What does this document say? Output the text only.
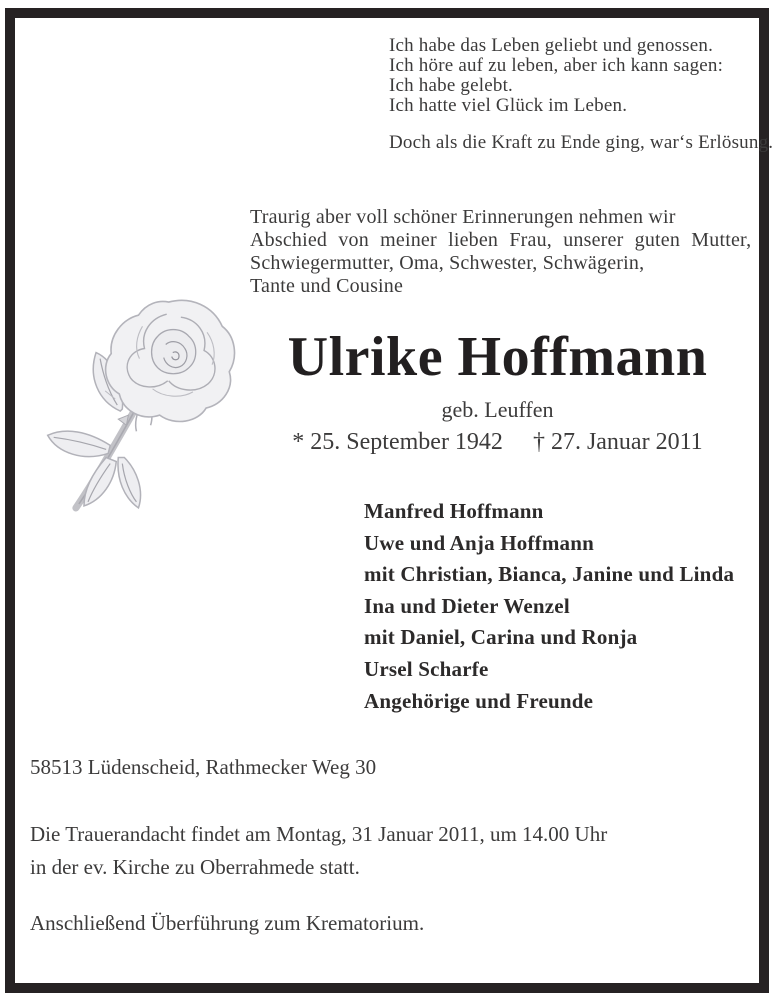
Ich habe das Leben geliebt und genossen.
Ich höre auf zu leben, aber ich kann sagen:
Ich habe gelebt.
Ich hatte viel Glück im Leben.
Doch als die Kraft zu Ende ging, war‘s Erlösung.
Traurig aber voll schöner Erinnerungen nehmen wir
Abschied von meiner lieben Frau, unserer guten Mutter,
Schwiegermutter, Oma, Schwester, Schwägerin,
Tante und Cousine
Ulrike Hoffmann
geb. Leuffen
* 25. September 1942 † 27. Januar 2011
Manfred Hoffmann
Uwe und Anja Hoffmann
mit Christian, Bianca, Janine und Linda
Ina und Dieter Wenzel
mit Daniel, Carina und Ronja
Ursel Scharfe
Angehörige und Freunde
58513 Lüdenscheid, Rathmecker Weg 30
Die Trauerandacht findet am Montag, 31 Januar 2011, um 14.00 Uhr
in der ev. Kirche zu Oberrahmede statt.
Anschließend Überführung zum Krematorium.
